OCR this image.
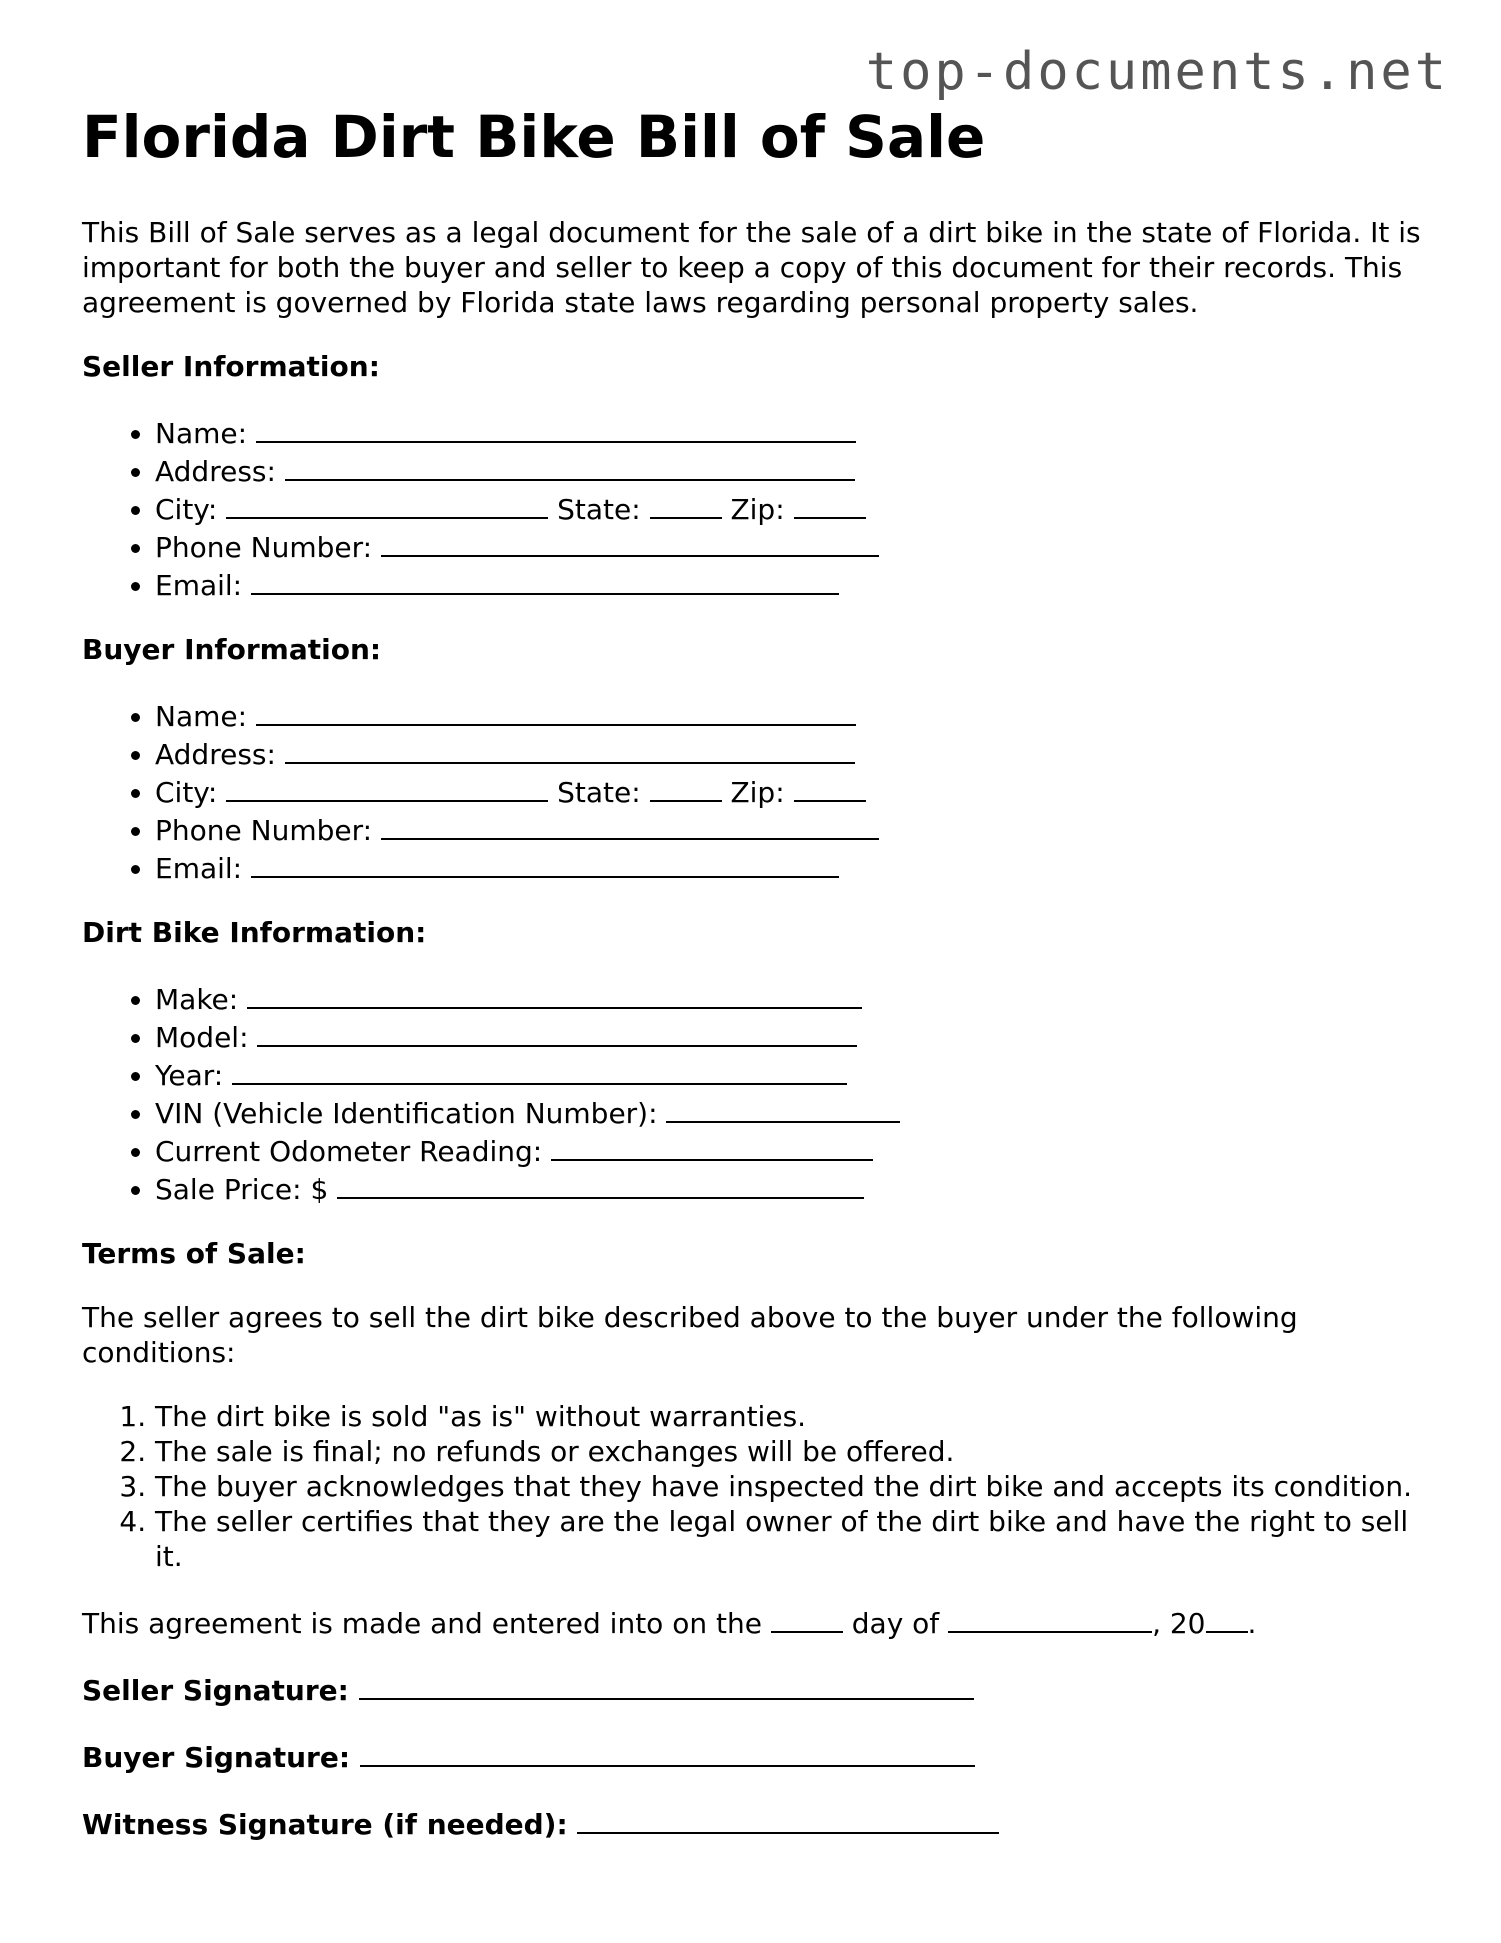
top-documents.net
Florida Dirt Bike Bill of Sale

This Bill of Sale serves as a legal document for the sale of a dirt bike in the state of Florida. It is important for both the buyer and seller to keep a copy of this document for their records. This agreement is governed by Florida state laws regarding personal property sales.

Seller Information:
• Name:
• Address:
• City:	State:	Zip:
• Phone Number:
• Email:
Buyer Information:
• Name:
• Address:
• City:	State:	Zip:
• Phone Number:
• Email:
Dirt Bike Information:
• Make:
• Model:
• Year:
• VIN (Vehicle Identification Number):
• Current Odometer Reading:
• Sale Price: $
Terms of Sale:

The seller agrees to sell the dirt bike described above to the buyer under the following conditions:

1. The dirt bike is sold "as is" without warranties.
2. The sale is final; no refunds or exchanges will be offered.
3. The buyer acknowledges that they have inspected the dirt bike and accepts its condition.
4. The seller certifies that they are the legal owner of the dirt bike and have the right to sell it.

This agreement is made and entered into on the	day of	, 20 .

Seller Signature:
Buyer Signature:
Witness Signature (if needed):
